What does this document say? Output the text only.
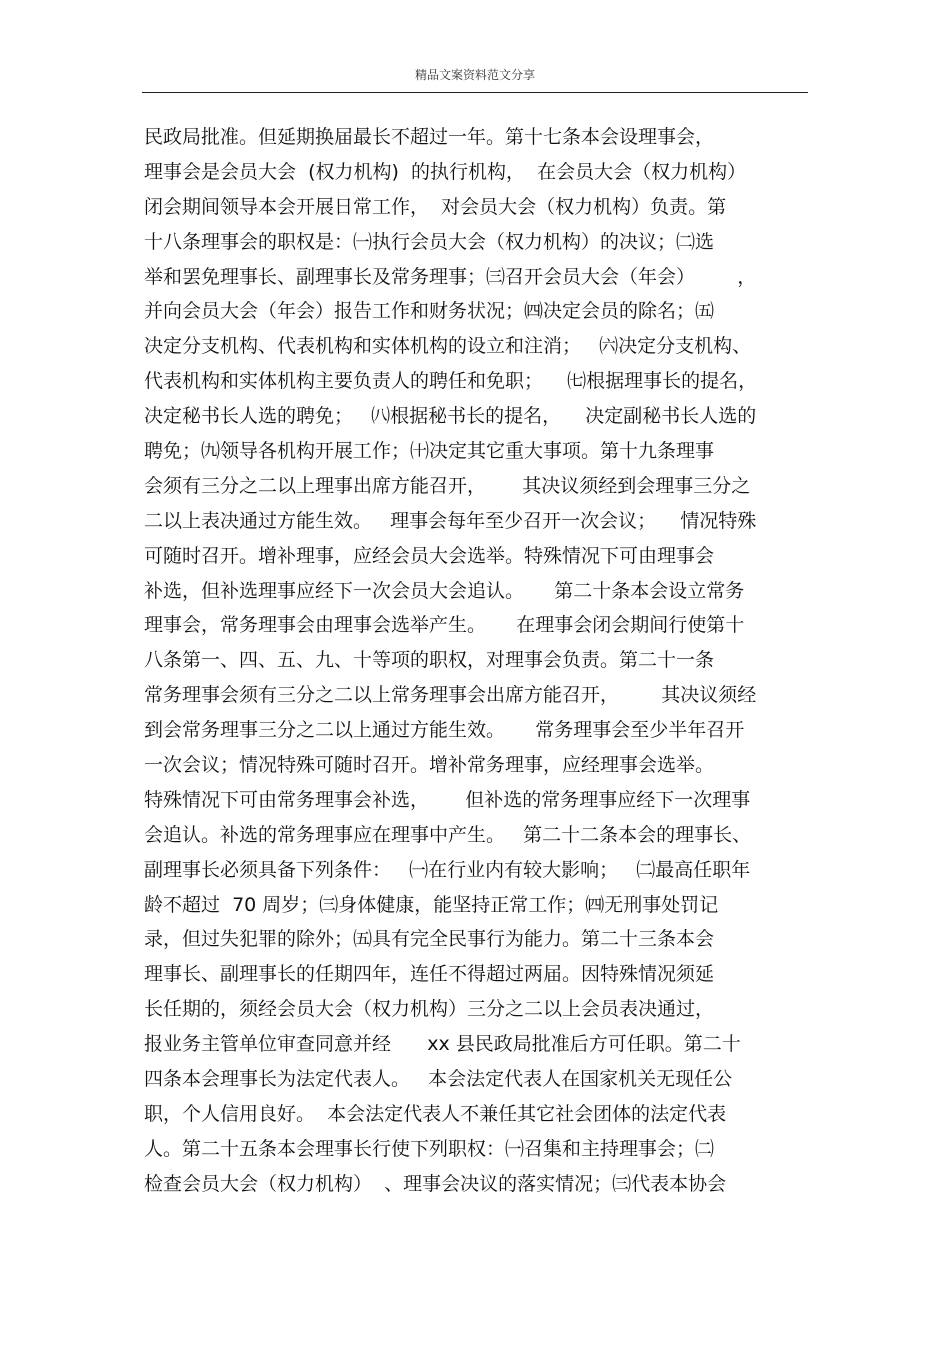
精品文案资料范文分享
民政局批准。但延期换届最长不超过一年。第十七条本会设理事会，
理事会是会员大会  (权力机构)  的执行机构，  在会员大会（权力机构）
闭会期间领导本会开展日常工作，  对会员大会（权力机构）负责。第
十八条理事会的职权是：㈠执行会员大会（权力机构）的决议；㈡选
举和罢免理事长、副理事长及常务理事；㈢召开会员大会（年会）       ，
并向会员大会（年会）报告工作和财务状况；㈣决定会员的除名；㈤
决定分支机构、代表机构和实体机构的设立和注消；   ㈥决定分支机构、
代表机构和实体机构主要负责人的聘任和免职；    ㈦根据理事长的提名，
决定秘书长人选的聘免；   ㈧根据秘书长的提名，    决定副秘书长人选的
聘免；㈨领导各机构开展工作；㈩决定其它重大事项。第十九条理事
会须有三分之二以上理事出席方能召开，      其决议须经到会理事三分之
二以上表决通过方能生效。   理事会每年至少召开一次会议；    情况特殊
可随时召开。增补理事，应经会员大会选举。特殊情况下可由理事会
补选，但补选理事应经下一次会员大会追认。     第二十条本会设立常务
理事会，常务理事会由理事会选举产生。     在理事会闭会期间行使第十
八条第一、四、五、九、十等项的职权，对理事会负责。第二十一条
常务理事会须有三分之二以上常务理事会出席方能召开，       其决议须经
到会常务理事三分之二以上通过方能生效。     常务理事会至少半年召开
一次会议；情况特殊可随时召开。增补常务理事，应经理事会选举。
特殊情况下可由常务理事会补选，      但补选的常务理事应经下一次理事
会追认。补选的常务理事应在理事中产生。   第二十二条本会的理事长、
副理事长必须具备下列条件：   ㈠在行业内有较大影响；   ㈡最高任职年
龄不超过  70 周岁；㈢身体健康，能坚持正常工作；㈣无刑事处罚记
录，但过失犯罪的除外；㈤具有完全民事行为能力。第二十三条本会
理事长、副理事长的任期四年，连任不得超过两届。因特殊情况须延
长任期的，须经会员大会（权力机构）三分之二以上会员表决通过，
报业务主管单位审查同意并经      xx 县民政局批准后方可任职。第二十
四条本会理事长为法定代表人。   本会法定代表人在国家机关无现任公
职，个人信用良好。  本会法定代表人不兼任其它社会团体的法定代表
人。第二十五条本会理事长行使下列职权：㈠召集和主持理事会；㈡
检查会员大会（权力机构）  、理事会决议的落实情况；㈢代表本协会
